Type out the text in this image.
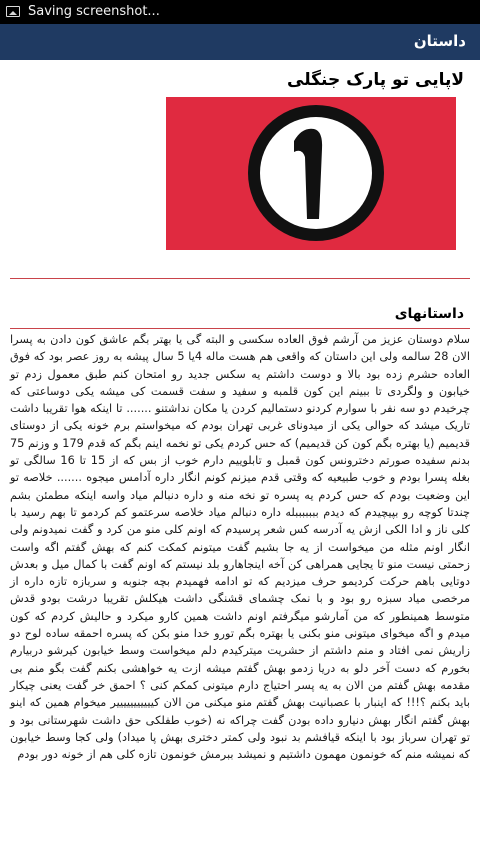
Saving screenshot...
داستان
لاپایی تو پارک جنگلی
داستانهای

سلام دوستان عزیز من آرشم فوق العاده سکسی و البته گی یا بهتر بگم عاشق کون دادن به پسرا الان 28 سالمه ولی این داستان که واقعی هم هست ماله 4یا 5 سال پیشه به روز عصر بود که فوق العاده حشرم زده بود بالا و دوست داشتم یه سکس جدید رو امتحان کنم طبق معمول زدم تو خیابون و ولگردی تا ببینم این کون قلمبه و سفید و سفت قسمت کی میشه یکی دوساعتی که چرخیدم دو سه نفر با سوارم کردنو دستمالیم کردن یا مکان نداشتنو ....... تا اینکه هوا تقریبا داشت تاریک میشد که حوالی یکی از میدونای غربی تهران بودم که میخواستم برم خونه یکی از دوستای قدیمیم (یا بهتره بگم کون کن قدیمیم) که حس کردم یکی تو نخمه اینم بگم که قدم 179 و وزنم 75 بدنم سفیده صورتم دخترونس کون قمبل و تابلوییم دارم خوب از بس که از 15 تا 16 سالگی تو بغله پسرا بودم و خوب طبیعیه که وقتی قدم میزنم کونم انگار داره آدامس میجوه ....... خلاصه تو این وضعیت بودم که حس کردم یه پسره تو نخه منه و داره دنبالم میاد واسه اینکه مطمئن بشم چندتا کوچه رو بپیچیدم که دیدم بببببببله داره دنبالم میاد خلاصه سرعتمو کم کردمو تا بهم رسید با کلی ناز و ادا الکی ازش یه آدرسه کس شعر پرسیدم که اونم کلی منو من کرد و گفت نمیدونم ولی انگار اونم مثله من میخواست از یه جا بشیم گفت میتونم کمکت کنم که بهش گفتم اگه واست زحمتی نیست منو تا یجایی همراهی کن آخه اینجاهارو بلد نیستم که اونم گفت با کمال میل و بعدش دوتایی باهم حرکت کردیمو حرف میزدیم که تو ادامه فهمیدم بچه جنوبه و سربازه تازه داره از مرخصی میاد سبزه رو بود و با نمک چشمای قشنگی داشت هیکلش تقریبا درشت بودو قدش متوسط همینطور که من آمارشو میگرفتم اونم داشت همین کارو میکرد و حالیش کردم که کون میدم و اگه میخوای میتونی منو بکنی یا بهتره بگم تورو خدا منو بکن که پسره احمقه ساده لوح دو زاریش نمی افتاد و منم داشتم از حشریت میترکیدم دلم میخواست وسط خیابون کیرشو دربیارم بخورم که دست آخر دلو به دریا زدمو بهش گفتم میشه ازت یه خواهشی بکنم گفت بگو منم بی مقدمه بهش گفتم من الان به یه پسر احتیاج دارم میتونی کمکم کنی ؟ احمق خر گفت یعنی چیکار باید بکنم ؟!!! که اینبار با عصبانیت بهش گفتم منو میکنی من الان کیییییییییییر میخوام همین که اینو بهش گفتم انگار بهش دنیارو داده بودن گفت چراکه نه (خوب طفلکی حق داشت شهرستانی بود و تو تهران سرباز بود با اینکه قیافشم بد نبود ولی کمتر دختری بهش پا میداد) ولی کجا وسط خیابون که نمیشه منم که خونمون مهمون داشتیم و نمیشد ببرمش خونمون تازه کلی هم از خونه دور بودم
